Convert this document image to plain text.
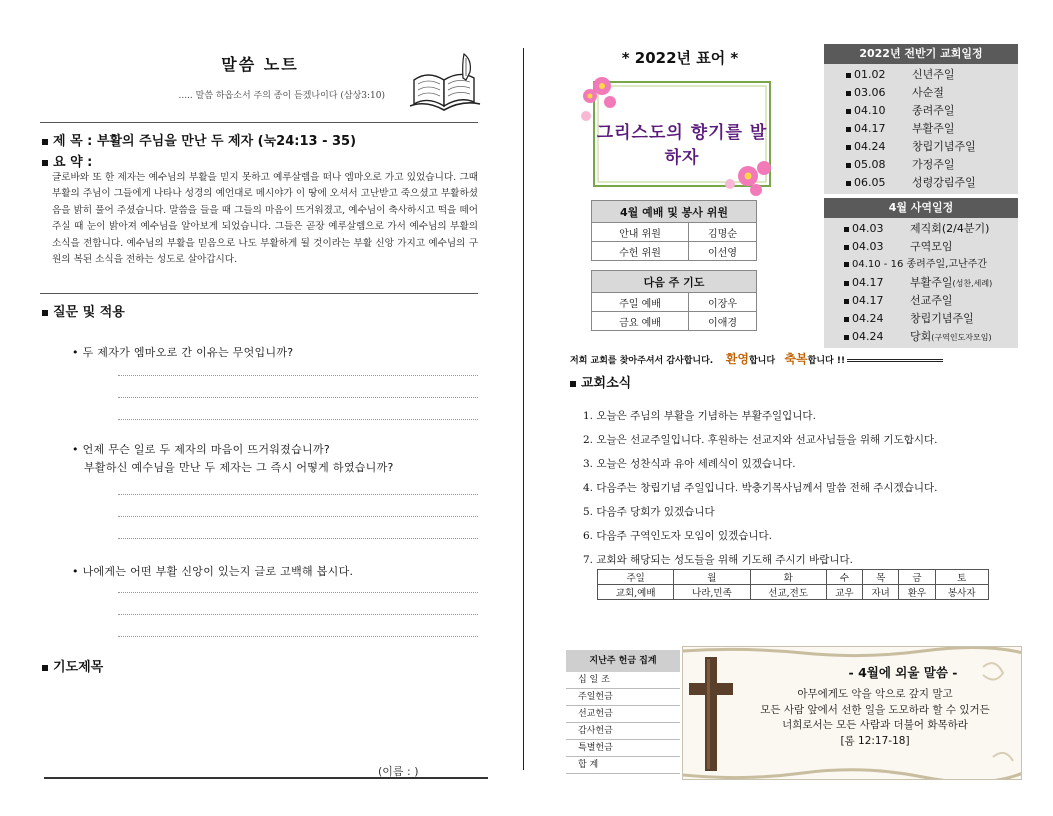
말씀 노트
..... 말씀 하옵소서 주의 종이 듣겠나이다 (삼상3:10)
제 목 : 부활의 주님을 만난 두 제자 (눅24:13 - 35)
요 약 :
글로바와 또 한 제자는 예수님의 부활을 믿지 못하고 예루살렘을 떠나 엠마오로 가고 있었습니다. 그때 부활의 주님이 그들에게 나타나 성경의 예언대로 메시야가 이 땅에 오셔서 고난받고 죽으셨고 부활하셨음을 밝히 풀어 주셨습니다. 말씀을 들을 때 그들의 마음이 뜨거워졌고, 예수님이 축사하시고 떡을 떼어 주실 때 눈이 밝아져 예수님을 알아보게 되었습니다. 그들은 곧장 예루살렘으로 가서 예수님의 부활의 소식을 전합니다. 예수님의 부활을 믿음으로 나도 부활하게 될 것이라는 부활 신앙 가지고 예수님의 구원의 복된 소식을 전하는 성도로 살아갑시다.
질문 및 적용
• 두 제자가 엠마오로 간 이유는 무엇입니까?
• 언제 무슨 일로 두 제자의 마음이 뜨거워졌습니까?
부활하신 예수님을 만난 두 제자는 그 즉시 어떻게 하였습니까?
• 나에게는 어떤 부활 신앙이 있는지 글로 고백해 봅시다.
기도제목
(이름 : )
* 2022년 표어 *
그리스도의 향기를 발하자
4월 예배 및 봉사 위원	
안내 위원	김명순
수헌 위원	이선영
다음 주 기도	
주일 예배	이장우
금요 예배	이애경
2022년 전반기 교회일정
01.02 신년주일
03.06 사순절
04.10 종려주일
04.17 부활주일
04.24 창립기념주일
05.08 가정주일
06.05 성령강림주일
4월 사역일정
04.03 제직회(2/4분기)
04.03 구역모임
04.10 - 16 종려주일,고난주간
04.17 부활주일(성찬,세례)
04.17 선교주일
04.24 창립기념주일
04.24 당회(구역인도자모임)
저희 교회를 찾아주셔서 감사합니다. 환영합니다 축복합니다 !!
교회소식
1. 오늘은 주님의 부활을 기념하는 부활주일입니다.
2. 오늘은 선교주일입니다. 후원하는 선교지와 선교사님들을 위해 기도합시다.
3. 오늘은 성찬식과 유아 세례식이 있겠습니다.
4. 다음주는 창립기념 주일입니다. 박충기목사님께서 말씀 전해 주시겠습니다.
5. 다음주 당회가 있겠습니다
6. 다음주 구역인도자 모임이 있겠습니다.
7. 교회와 해당되는 성도들을 위해 기도해 주시기 바랍니다.
주일	월	화	수	목	금	토
교회,예배	나라,민족	선교,전도	교우	자녀	환우	봉사자
지난주 헌금 집계
십 일 조
주일헌금
선교헌금
감사헌금
특별헌금
합 계
- 4월에 외울 말씀 -
아무에게도 악을 악으로 갚지 말고
모든 사람 앞에서 선한 일을 도모하라 할 수 있거든
너희로서는 모든 사람과 더불어 화목하라
[롬 12:17-18]
